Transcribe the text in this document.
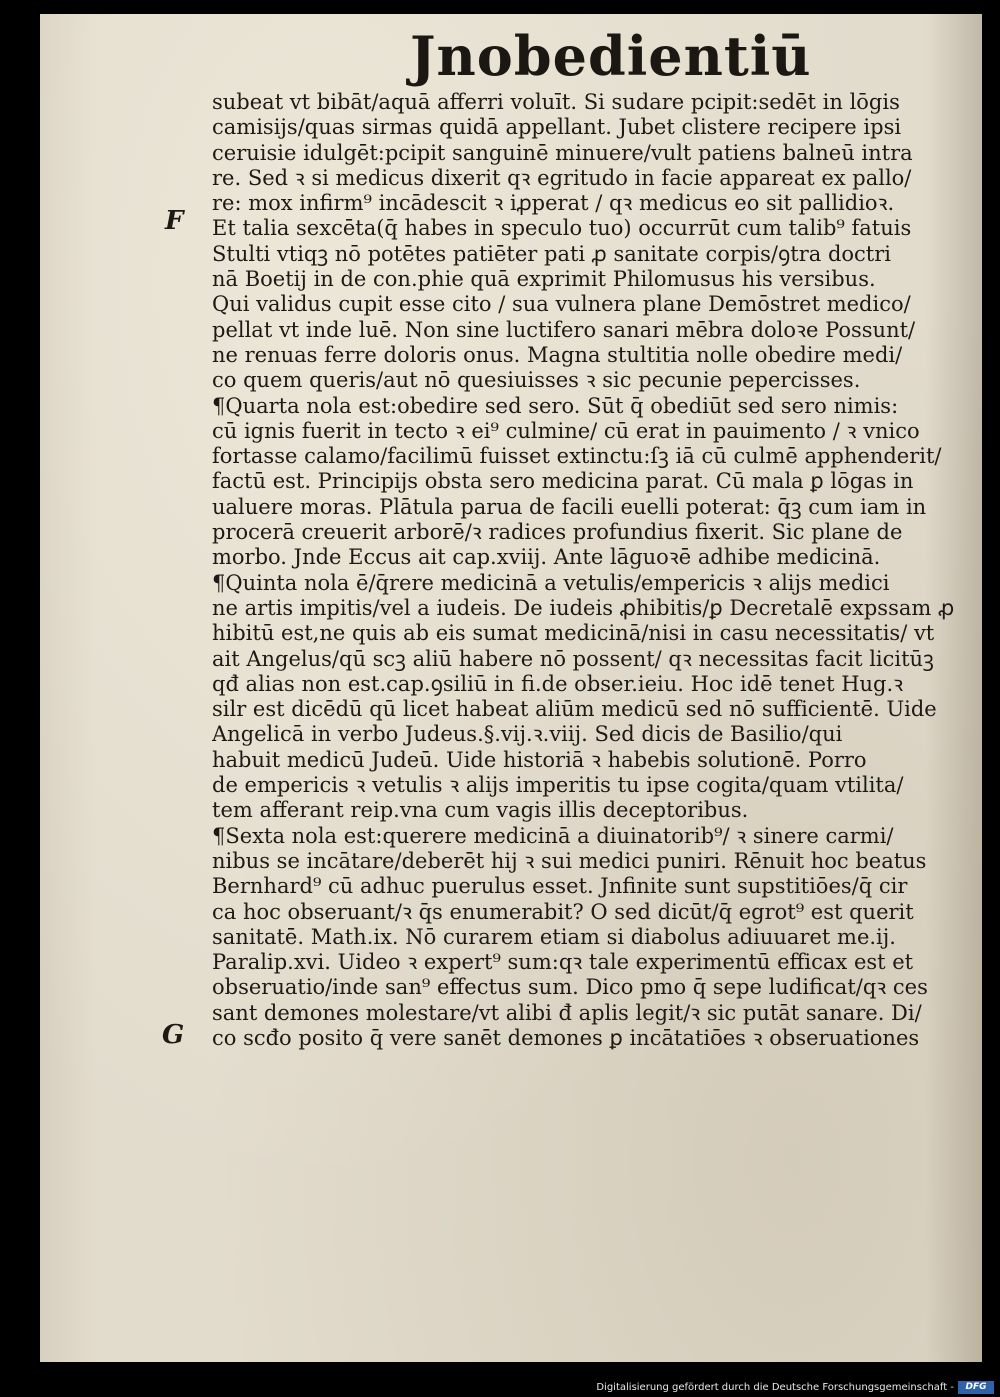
Jnobedientiū
F
G
subeat vt bibāt/aquā afferri voluīt. Si sudare pcipit:sedēt in lōgis
camisijs/quas sirmas quidā appellant. Jubet clistere recipere ipsi
ceruisie idulgēt:pcipit sanguinē minuere/vult patiens balneū intra
re. Sed ꝛ si medicus dixerit qꝛ egritudo in facie appareat ex pallo/
re: mox infirm⁹ incādescit ꝛ iꝓperat / qꝛ medicus eo sit pallidioꝛ.
Et talia sexcēta(q̄ habes in speculo tuo) occurrūt cum talib⁹ fatuis
Stulti vtiqꝫ nō potētes patiēter pati ꝓ sanitate corpis/ꝯtra doctri
nā Boetij in de con.phie quā exprimit Philomusus his versibus.
Qui validus cupit esse cito / sua vulnera plane Demōstret medico/
pellat vt inde luē. Non sine luctifero sanari mēbra doloꝛe Possunt/
ne renuas ferre doloris onus. Magna stultitia nolle obedire medi/
co quem queris/aut nō quesiuisses ꝛ sic pecunie pepercisses.
¶Quarta nola est:obedire sed sero. Sūt q̄ obediūt sed sero nimis:
cū ignis fuerit in tecto ꝛ ei⁹ culmine/ cū erat in pauimento / ꝛ vnico
fortasse calamo/facilimū fuisset extinctu:ſꝫ iā cū culmē apphenderit/
factū est. Principijs obsta sero medicina parat. Cū mala ꝑ lōgas in
ualuere moras. Plātula parua de facili euelli poterat: q̄ꝫ cum iam in
procerā creuerit arborē/ꝛ radices profundius fixerit. Sic plane de
morbo. Jnde Eccus ait cap.xviij. Ante lāguoꝛē adhibe medicinā.
¶Quinta nola ē/q̄rere medicinā a vetulis/empericis ꝛ alijs medici
ne artis impitis/vel a iudeis. De iudeis ꝓhibitis/ꝑ Decretalē expssam ꝓ
hibitū est,ne quis ab eis sumat medicinā/nisi in casu necessitatis/ vt
ait Angelus/qū scꝫ aliū habere nō possent/ qꝛ necessitas facit licitūꝫ
qđ alias non est.cap.ꝯsiliū in fi.de obser.ieiu. Hoc idē tenet Hug.ꝛ
silr est dicēdū qū licet habeat aliūm medicū sed nō sufficientē. Uide
Angelicā in verbo Judeus.§.vij.ꝛ.viij. Sed dicis de Basilio/qui
habuit medicū Judeū. Uide historiā ꝛ habebis solutionē. Porro
de empericis ꝛ vetulis ꝛ alijs imperitis tu ipse cogita/quam vtilita/
tem afferant reip.vna cum vagis illis deceptoribus.
¶Sexta nola est:querere medicinā a diuinatorib⁹/ ꝛ sinere carmi/
nibus se incātare/deberēt hij ꝛ sui medici puniri. Rēnuit hoc beatus
Bernhard⁹ cū adhuc puerulus esset. Jnfinite sunt supstitiōes/q̄ cir
ca hoc obseruant/ꝛ q̄s enumerabit? O sed dicūt/q̄ egrot⁹ est querit
sanitatē. Math.ix. Nō curarem etiam si diabolus adiuuaret me.ij.
Paralip.xvi. Uideo ꝛ expert⁹ sum:qꝛ tale experimentū efficax est et
obseruatio/inde san⁹ effectus sum. Dico pmo q̄ sepe ludificat/qꝛ ces
sant demones molestare/vt alibi đ aplis legit/ꝛ sic putāt sanare. Di/
co scđo posito q̄ vere sanēt demones ꝑ incātatiōes ꝛ obseruationes
Digitalisierung gefördert durch die Deutsche Forschungsgemeinschaft -	DFG
